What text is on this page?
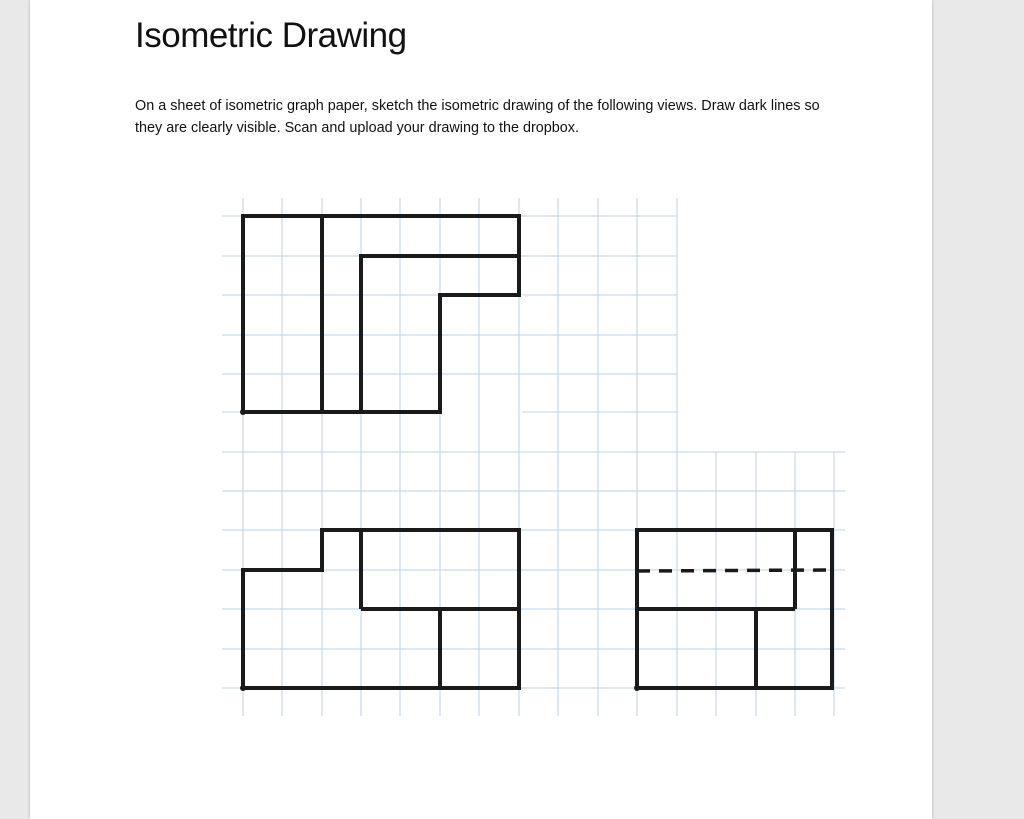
Isometric Drawing

On a sheet of isometric graph paper, sketch the isometric drawing of the following views. Draw dark lines so they are clearly visible. Scan and upload your drawing to the dropbox.
